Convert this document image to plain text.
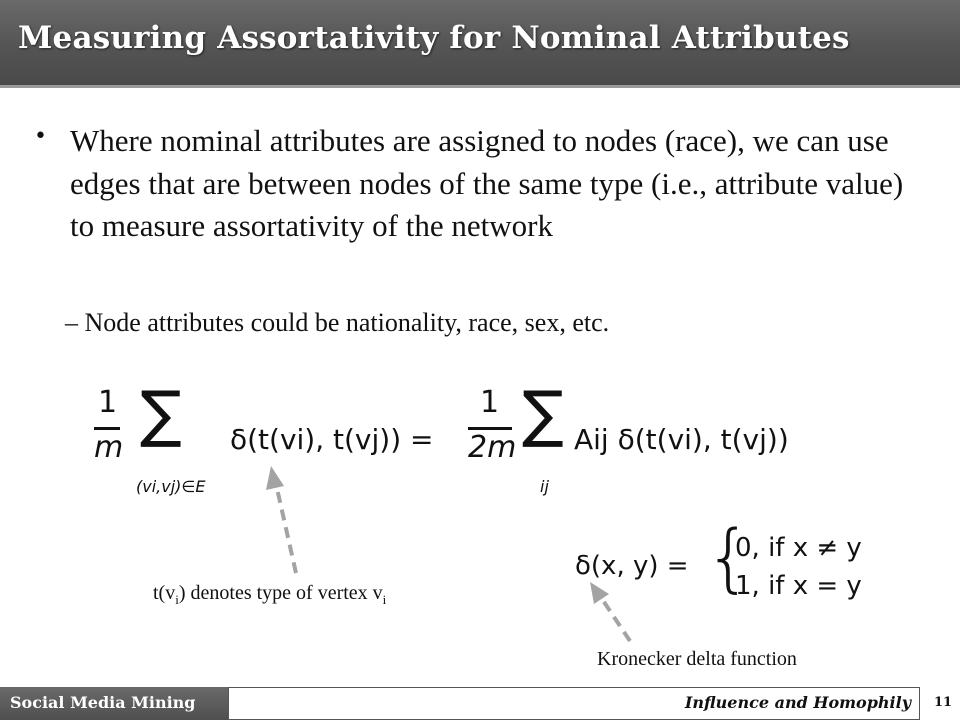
Measuring Assortativity for Nominal Attributes
• Where nominal attributes are assigned to nodes (race), we can use edges that are between nodes of the same type (i.e., attribute value) to measure assortativity of the network
– Node attributes could be nationality, race, sex, etc.
1
m ∑
(vi,vj)∈E
δ(t(vi), t(vj)) =
1
2m ∑
ij
Aij δ(t(vi), t(vj))
δ(x, y) = {
0, if x ≠ y
1, if x = y
$t(v_i)$ denotes type of vertex $v_i$
Kronecker delta function
Social Media Mining	Influence and Homophily 11
